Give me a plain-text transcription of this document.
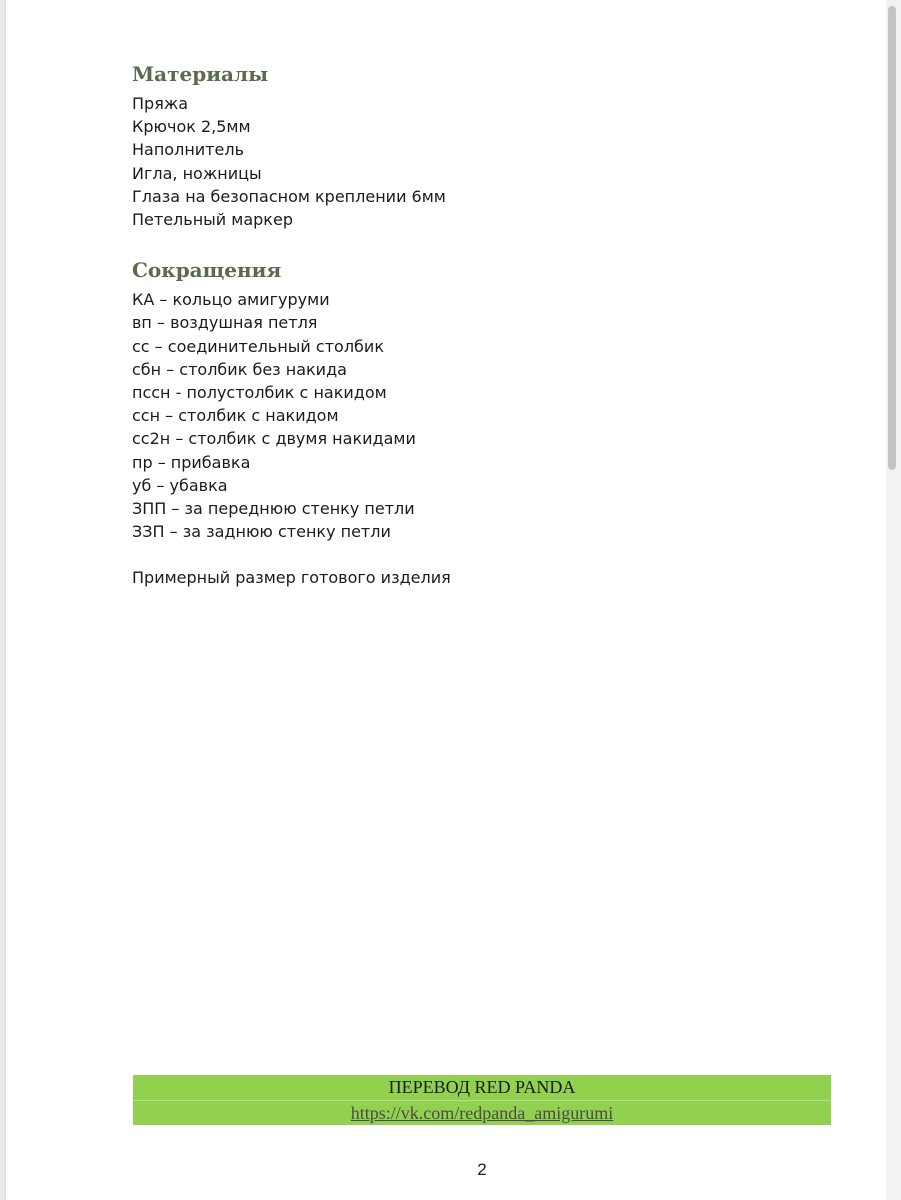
Материалы
Пряжа
Крючок 2,5мм
Наполнитель
Игла, ножницы
Глаза на безопасном креплении 6мм
Петельный маркер
Сокращения
КА – кольцо амигуруми
вп – воздушная петля
сс – соединительный столбик
сбн – столбик без накида
пссн - полустолбик с накидом
ссн – столбик с накидом
сс2н – столбик с двумя накидами
пр – прибавка
уб – убавка
ЗПП – за переднюю стенку петли
ЗЗП – за заднюю стенку петли
Примерный размер готового изделия
ПЕРЕВОД RED PANDA
https://vk.com/redpanda_amigurumi
2
